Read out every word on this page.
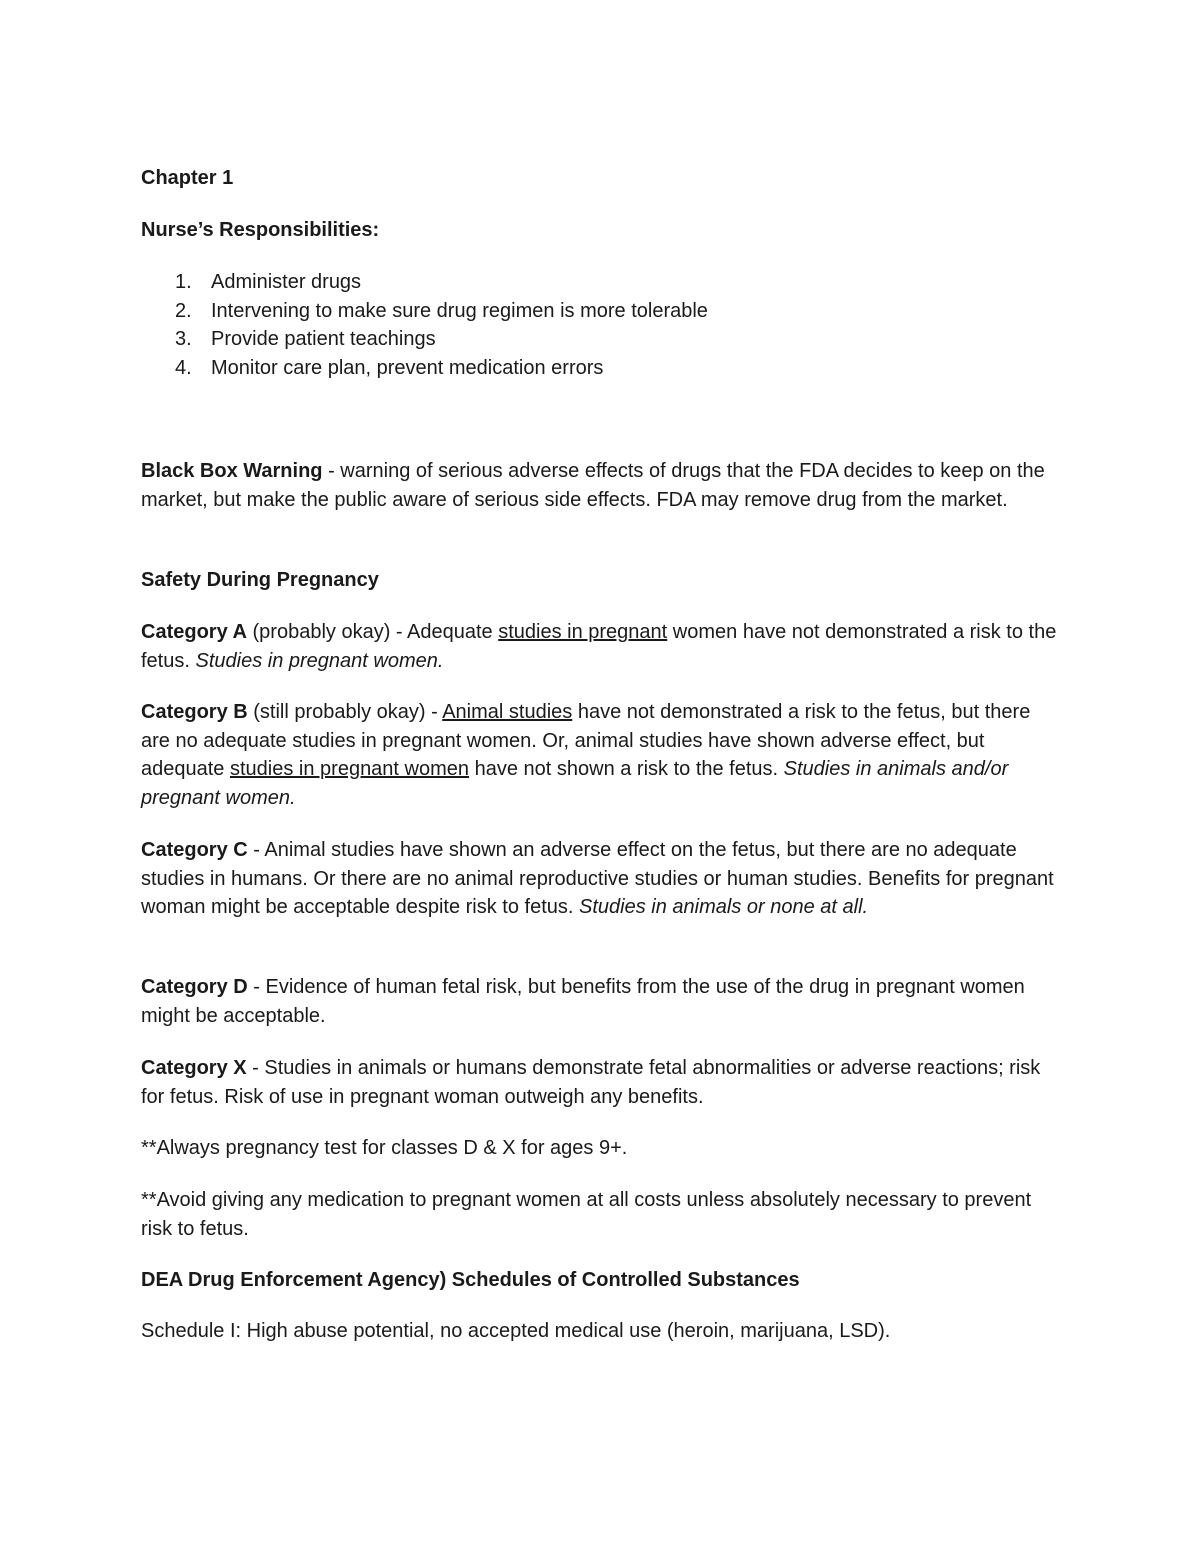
Chapter 1

Nurse’s Responsibilities:

1. Administer drugs
2. Intervening to make sure drug regimen is more tolerable
3. Provide patient teachings
4. Monitor care plan, prevent medication errors

Black Box Warning - warning of serious adverse effects of drugs that the FDA decides to keep on the market, but make the public aware of serious side effects. FDA may remove drug from the market.

Safety During Pregnancy

Category A (probably okay) - Adequate studies in pregnant women have not demonstrated a risk to the fetus. Studies in pregnant women.

Category B (still probably okay) - Animal studies have not demonstrated a risk to the fetus, but there are no adequate studies in pregnant women. Or, animal studies have shown adverse effect, but adequate studies in pregnant women have not shown a risk to the fetus. Studies in animals and/or pregnant women.

Category C - Animal studies have shown an adverse effect on the fetus, but there are no adequate studies in humans. Or there are no animal reproductive studies or human studies. Benefits for pregnant woman might be acceptable despite risk to fetus. Studies in animals or none at all.

Category D - Evidence of human fetal risk, but benefits from the use of the drug in pregnant women might be acceptable.

Category X - Studies in animals or humans demonstrate fetal abnormalities or adverse reactions; risk for fetus. Risk of use in pregnant woman outweigh any benefits.

**Always pregnancy test for classes D & X for ages 9+.

**Avoid giving any medication to pregnant women at all costs unless absolutely necessary to prevent risk to fetus.

DEA Drug Enforcement Agency) Schedules of Controlled Substances

Schedule I: High abuse potential, no accepted medical use (heroin, marijuana, LSD).
